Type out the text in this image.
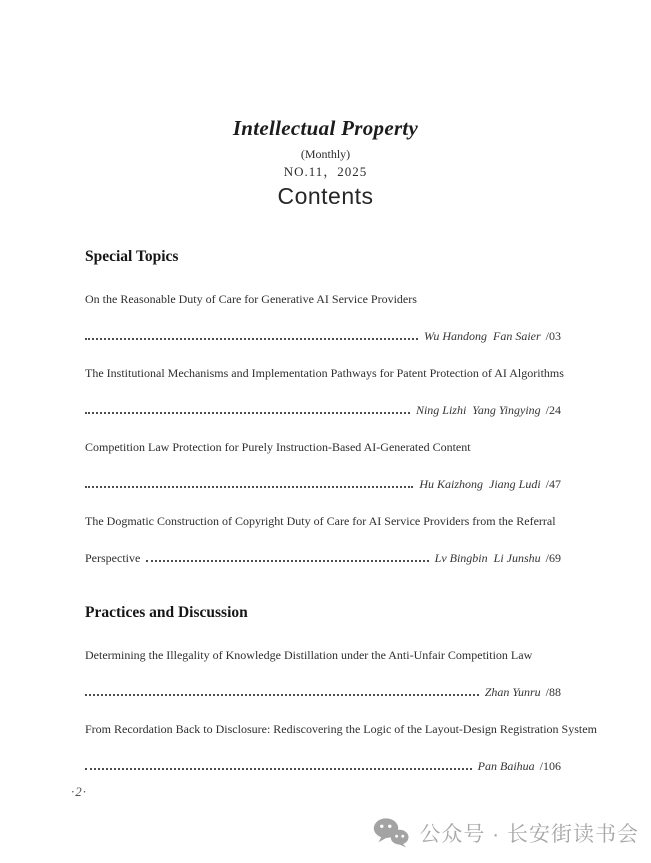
Intellectual Property
(Monthly)
NO.11，2025
Contents
Special Topics
On the Reasonable Duty of Care for Generative AI Service Providers
Wu Handong  Fan Saier /03
The Institutional Mechanisms and Implementation Pathways for Patent Protection of AI Algorithms
Ning Lizhi  Yang Yingying /24
Competition Law Protection for Purely Instruction-Based AI-Generated Content
Hu Kaizhong  Jiang Ludi /47
The Dogmatic Construction of Copyright Duty of Care for AI Service Providers from the Referral
Perspective	Lv Bingbin  Li Junshu /69
Practices and Discussion
Determining the Illegality of Knowledge Distillation under the Anti-Unfair Competition Law
Zhan Yunru /88
From Recordation Back to Disclosure: Rediscovering the Logic of the Layout-Design Registration System
Pan Baihua /106
·2·
公众号 · 长安街读书会
